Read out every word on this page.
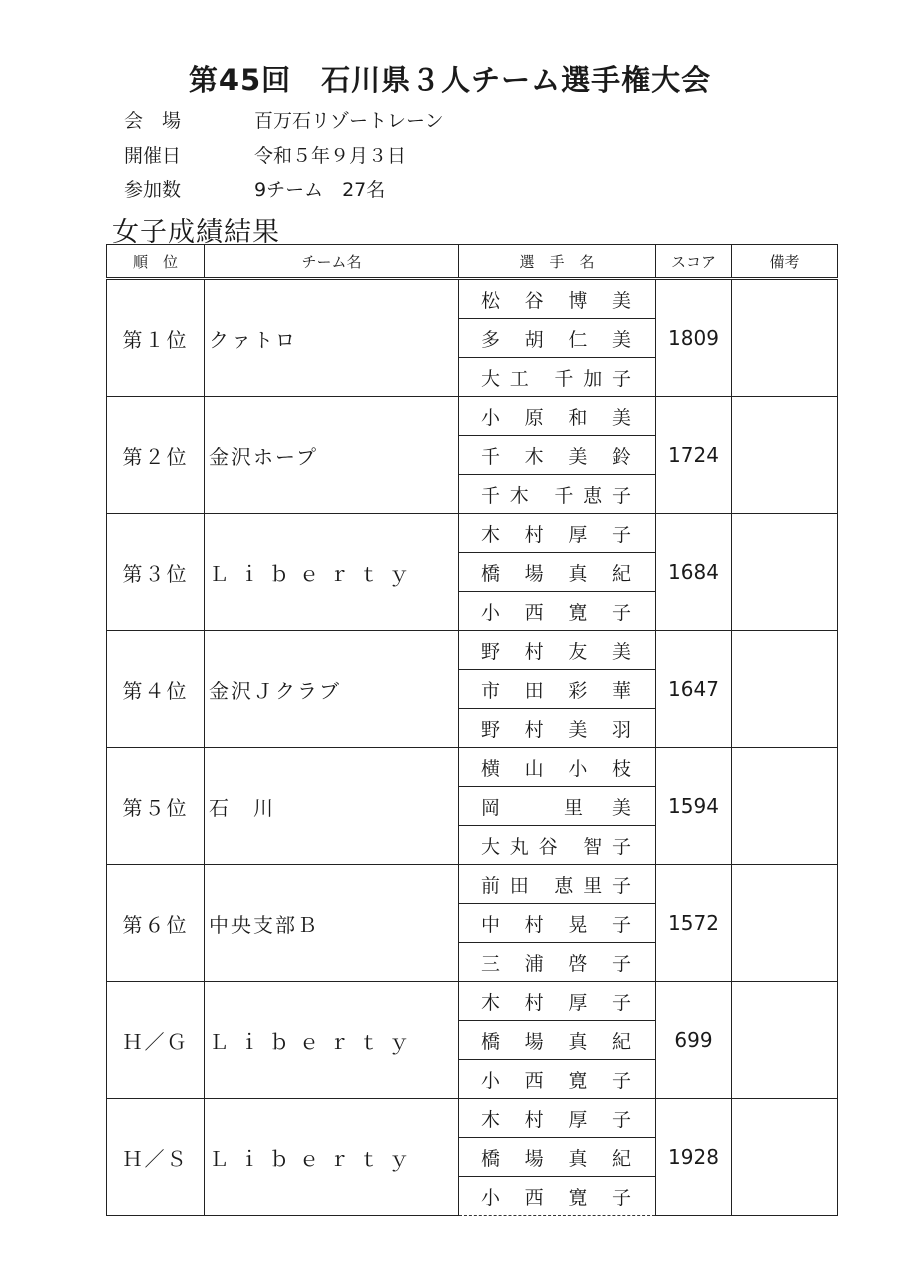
第45回　石川県３人チーム選手権大会
会　場	百万石リゾートレーン
開催日	令和５年９月３日
参加数	9チーム　27名
女子成績結果
順　位	チーム名	選　手　名	スコア	備考
第１位	クァトロ	松谷博美	1809	
		多胡仁美		
		大工 千加子		
第２位	金沢ホープ	小原和美	1724	
		千木美鈴		
		千木 千恵子		
第３位	Ｌｉｂｅｒｔｙ	木村厚子	1684	
		橋場真紀		
		小西寛子		
第４位	金沢Ｊクラブ	野村友美	1647	
		市田彩華		
		野村美羽		
第５位	石　川	横山小枝	1594	
		岡 里美		
		大丸谷 智子		
第６位	中央支部Ｂ	前田 恵里子	1572	
		中村晃子		
		三浦啓子		
Ｈ／Ｇ	Ｌｉｂｅｒｔｙ	木村厚子	699	
		橋場真紀		
		小西寛子		
Ｈ／Ｓ	Ｌｉｂｅｒｔｙ	木村厚子	1928	
		橋場真紀		
		小西寛子		
